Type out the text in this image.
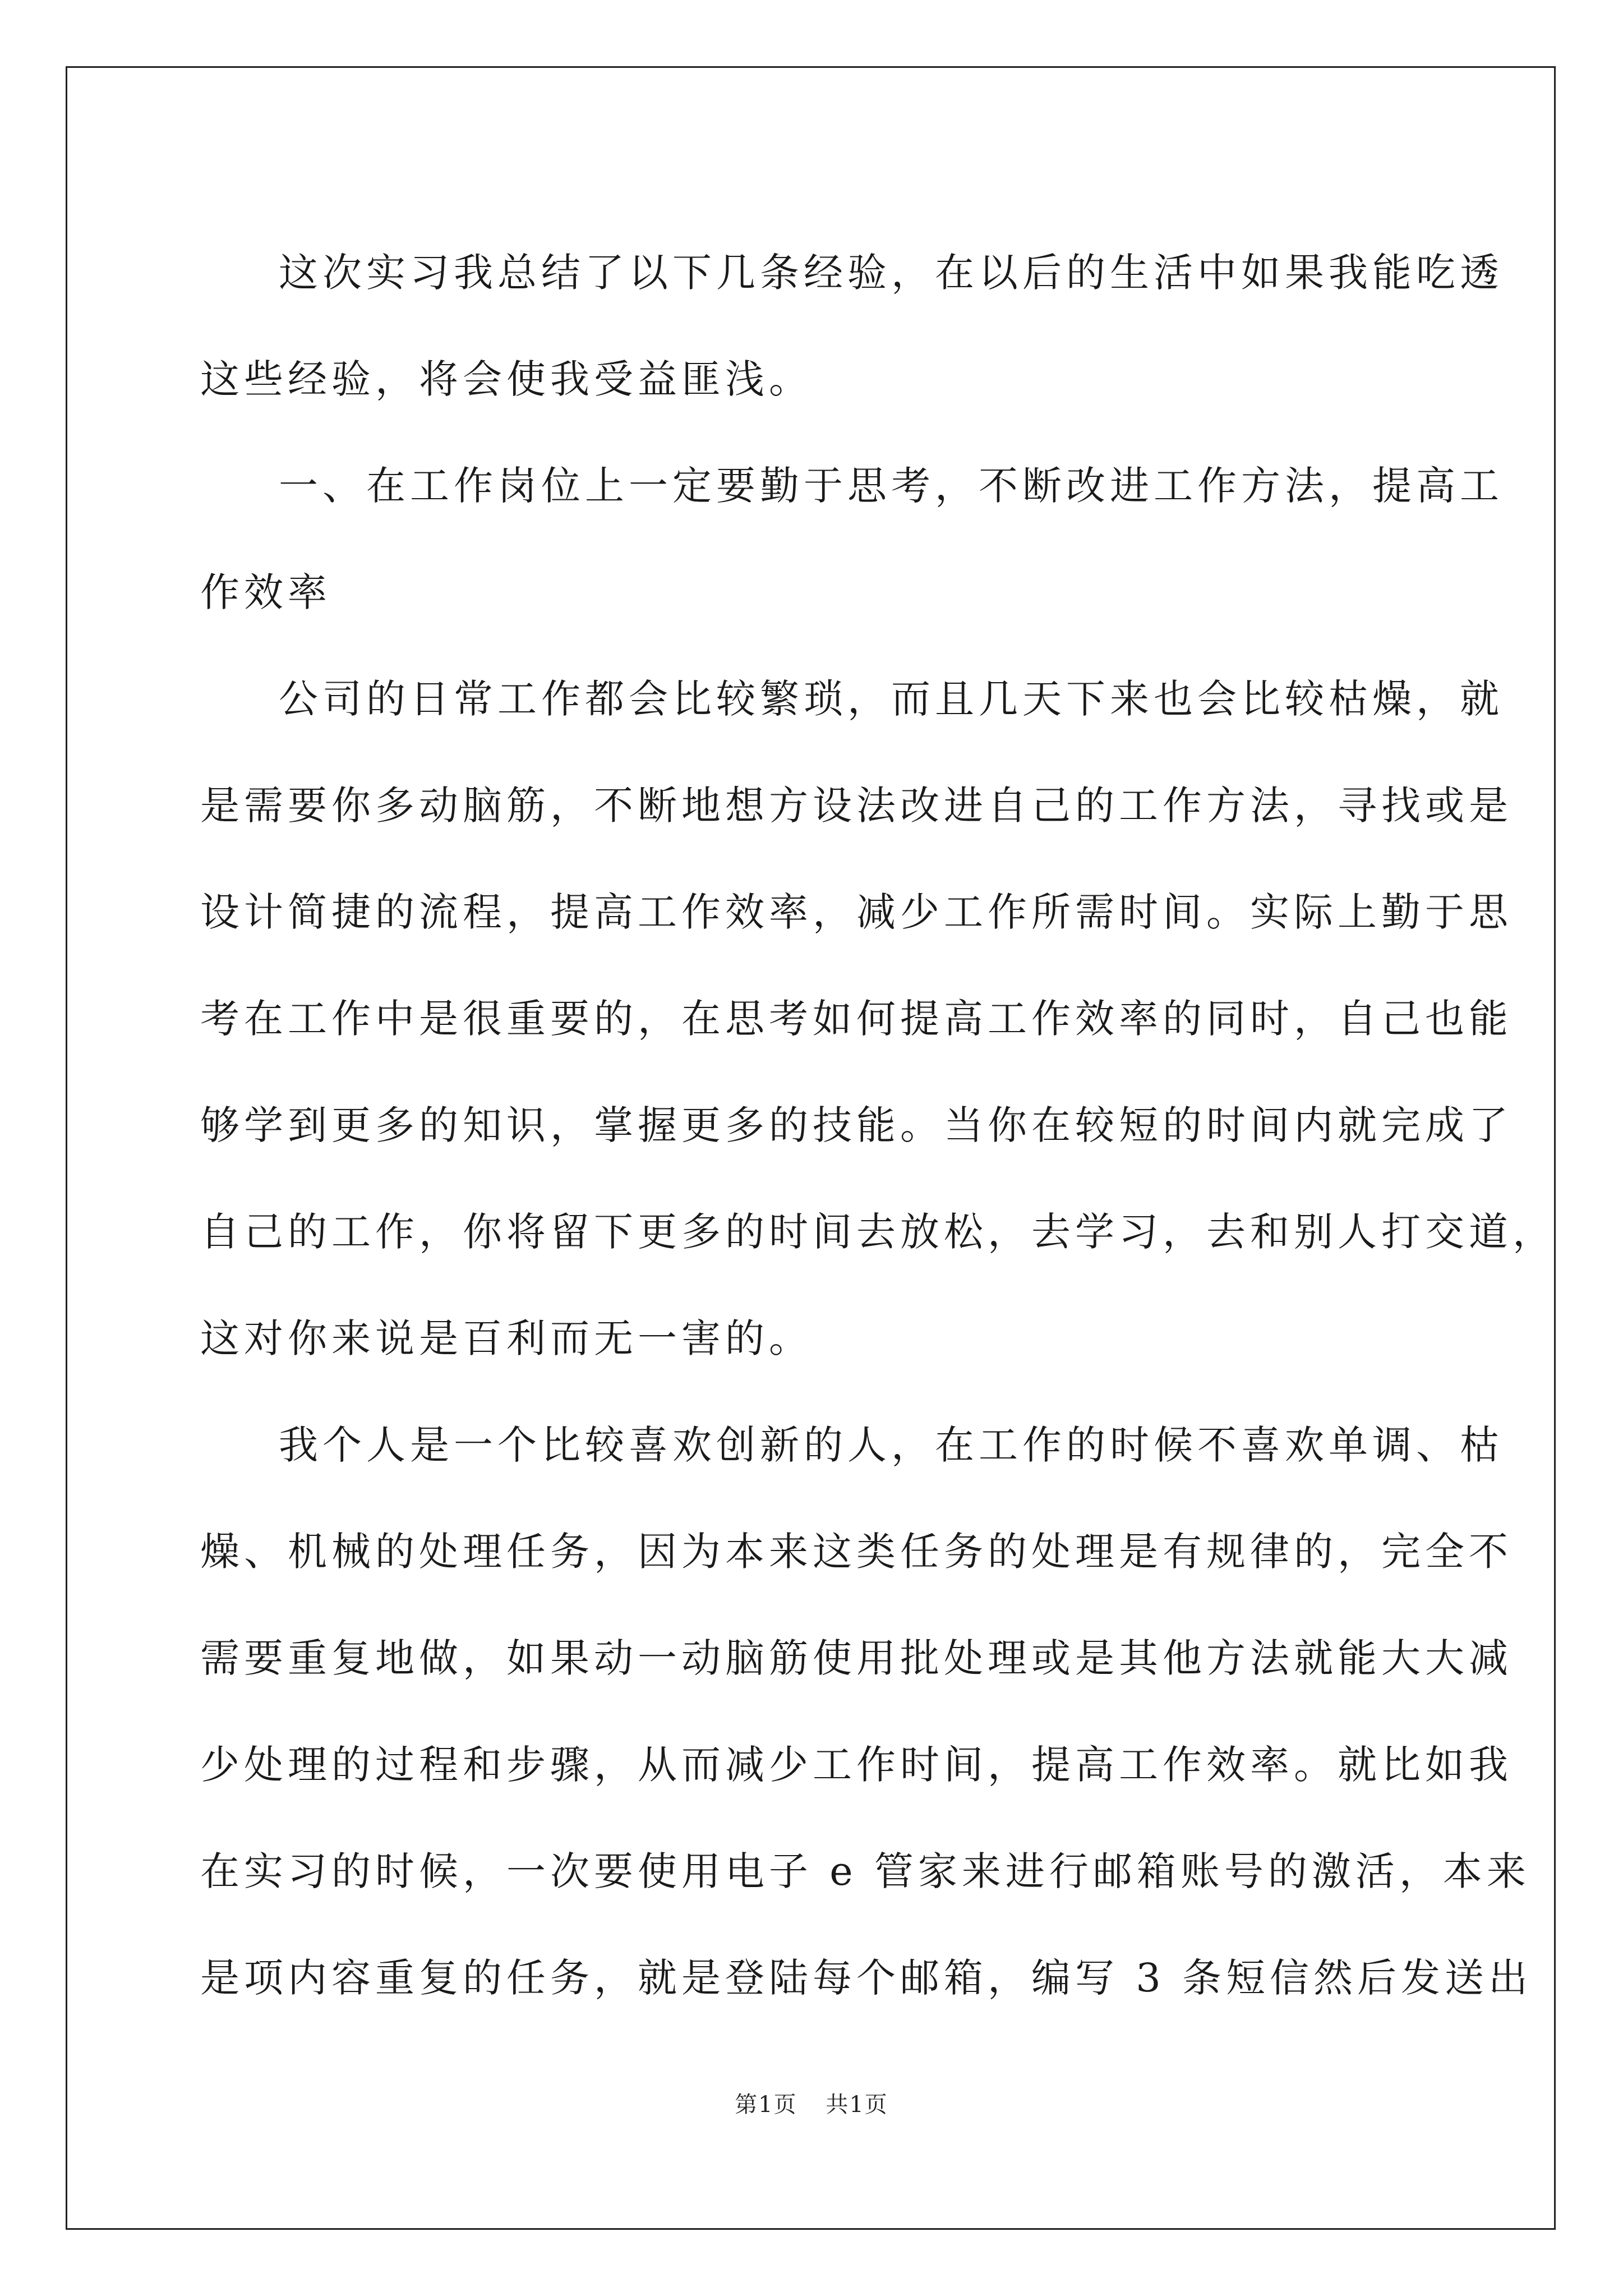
这次实习我总结了以下几条经验，在以后的生活中如果我能吃透
这些经验，将会使我受益匪浅。
一、在工作岗位上一定要勤于思考，不断改进工作方法，提高工
作效率
公司的日常工作都会比较繁琐，而且几天下来也会比较枯燥，就
是需要你多动脑筋，不断地想方设法改进自己的工作方法，寻找或是
设计简捷的流程，提高工作效率，减少工作所需时间。实际上勤于思
考在工作中是很重要的，在思考如何提高工作效率的同时，自己也能
够学到更多的知识，掌握更多的技能。当你在较短的时间内就完成了
自己的工作，你将留下更多的时间去放松，去学习，去和别人打交道，
这对你来说是百利而无一害的。
我个人是一个比较喜欢创新的人，在工作的时候不喜欢单调、枯
燥、机械的处理任务，因为本来这类任务的处理是有规律的，完全不
需要重复地做，如果动一动脑筋使用批处理或是其他方法就能大大减
少处理的过程和步骤，从而减少工作时间，提高工作效率。就比如我
在实习的时候，一次要使用电子 e 管家来进行邮箱账号的激活，本来
是项内容重复的任务，就是登陆每个邮箱，编写 3 条短信然后发送出
第1页 共1页
